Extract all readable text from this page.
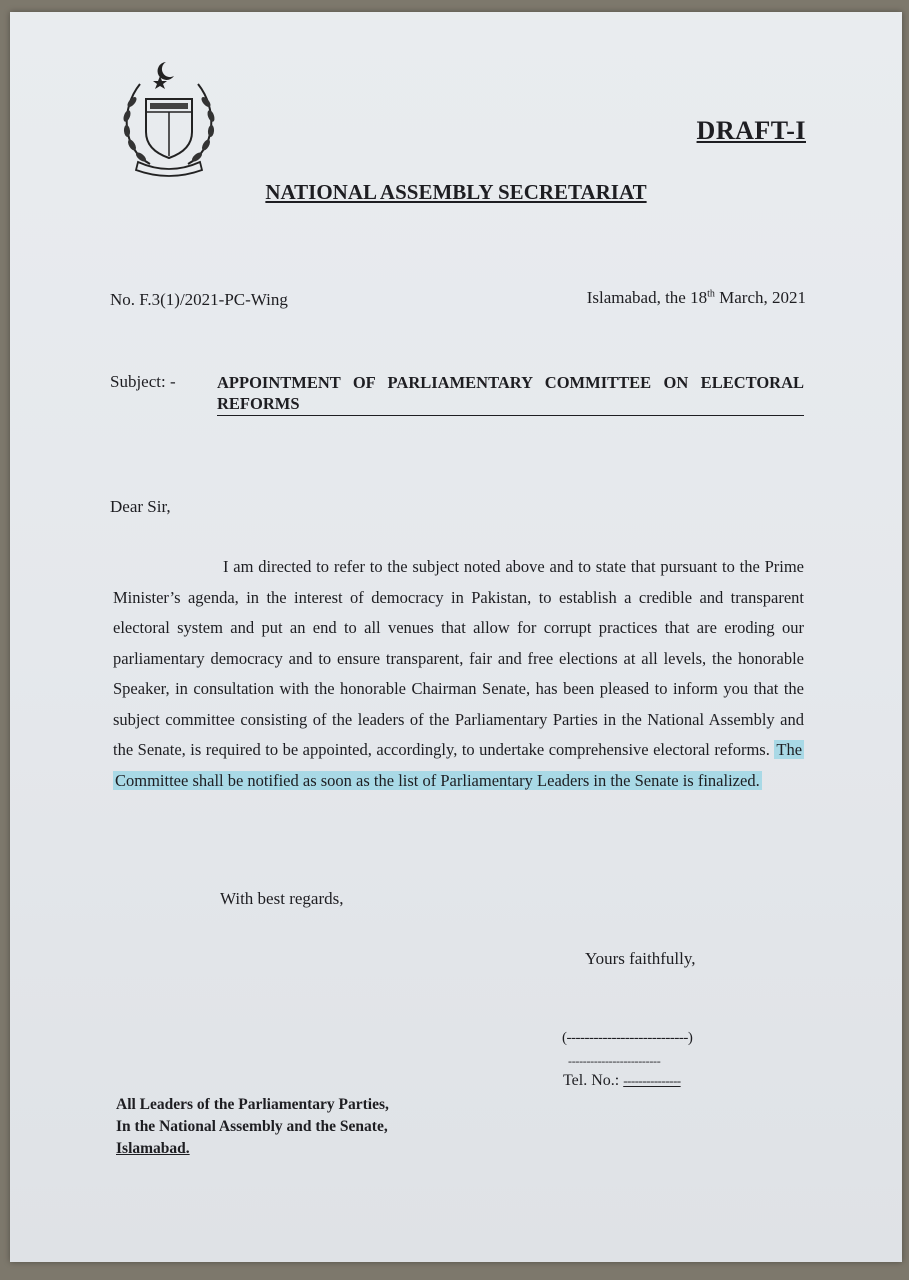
DRAFT-I
NATIONAL ASSEMBLY SECRETARIAT
No. F.3(1)/2021-PC-Wing	Islamabad, the 18th March, 2021
Subject: -	APPOINTMENT OF PARLIAMENTARY COMMITTEE ON ELECTORAL REFORMS
Dear Sir,
I am directed to refer to the subject noted above and to state that pursuant to the Prime Minister’s agenda, in the interest of democracy in Pakistan, to establish a credible and transparent electoral system and put an end to all venues that allow for corrupt practices that are eroding our parliamentary democracy and to ensure transparent, fair and free elections at all levels, the honorable Speaker, in consultation with the honorable Chairman Senate, has been pleased to inform you that the subject committee consisting of the leaders of the Parliamentary Parties in the National Assembly and the Senate, is required to be appointed, accordingly, to undertake comprehensive electoral reforms. The Committee shall be notified as soon as the list of Parliamentary Leaders in the Senate is finalized.
With best regards,
Yours faithfully,
(---------------------------)
-------------------------
Tel. No.: ---------------
All Leaders of the Parliamentary Parties,
In the National Assembly and the Senate,
Islamabad.
